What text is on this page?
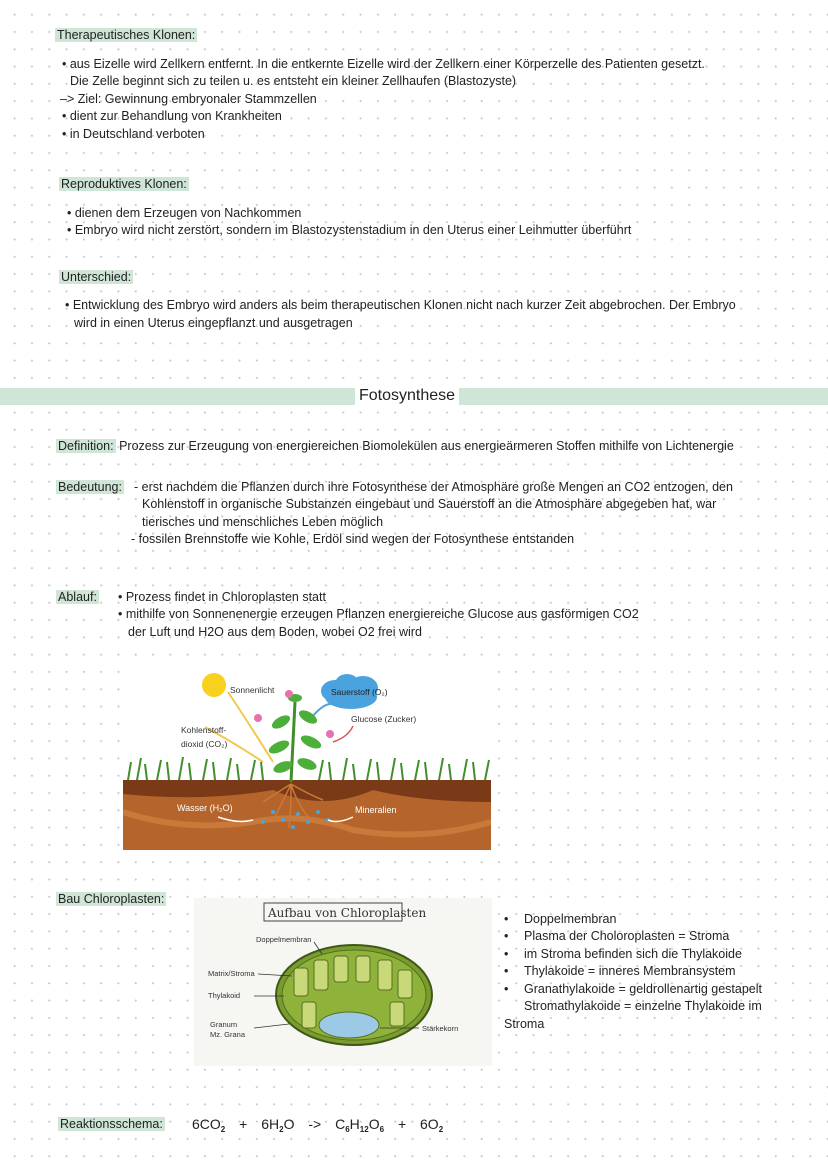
Therapeutisches Klonen:
• aus Eizelle wird Zellkern entfernt. In die entkernte Eizelle wird der Zellkern einer Körperzelle des Patienten gesetzt.
Die Zelle beginnt sich zu teilen u. es entsteht ein kleiner Zellhaufen (Blastozyste)
–> Ziel: Gewinnung embryonaler Stammzellen
• dient zur Behandlung von Krankheiten
• in Deutschland verboten
Reproduktives Klonen:
• dienen dem Erzeugen von Nachkommen
• Embryo wird nicht zerstört, sondern im Blastozystenstadium in den Uterus einer Leihmutter überführt
Unterschied:
• Entwicklung des Embryo wird anders als beim therapeutischen Klonen nicht nach kurzer Zeit abgebrochen. Der Embryo
wird in einen Uterus eingepflanzt und ausgetragen
Fotosynthese
Definition: Prozess zur Erzeugung von energiereichen Biomolekülen aus energieärmeren Stoffen mithilfe von Lichtenergie
Bedeutung: - erst nachdem die Pflanzen durch ihre Fotosynthese der Atmosphäre große Mengen an CO2 entzogen, den
Kohlenstoff in organische Substanzen eingebaut und Sauerstoff an die Atmosphäre abgegeben hat, war
tierisches und menschliches Leben möglich
- fossilen Brennstoffe wie Kohle, Erdöl sind wegen der Fotosynthese entstanden
Ablauf: • Prozess findet in Chloroplasten statt
• mithilfe von Sonnenenergie erzeugen Pflanzen energiereiche Glucose aus gasförmigen CO2
der Luft und H2O aus dem Boden, wobei O2 frei wird
Sonnenlicht	Sauerstoff (O₂)
Glucose (Zucker)
Kohlenstoff-
dioxid (CO₂)
Wasser (H₂O)	Mineralien
Bau Chloroplasten:
Aufbau von Chloroplasten
Doppelmembran
Matrix/Stroma
Thylakoid
Granum
Mz. Grana
Stärkekorn
• Doppelmembran
• Plasma der Choloroplasten = Stroma
• im Stroma befinden sich die Thylakoide
• Thylakoide = inneres Membransystem
• Granathylakoide = geldrollenartig gestapelt
Stromathylakoide = einzelne Thylakoide im
Stroma
Reaktionsschema: $6CO_2 + 6H_2O -> C_6H_{12}O_6 + 6O_2$
